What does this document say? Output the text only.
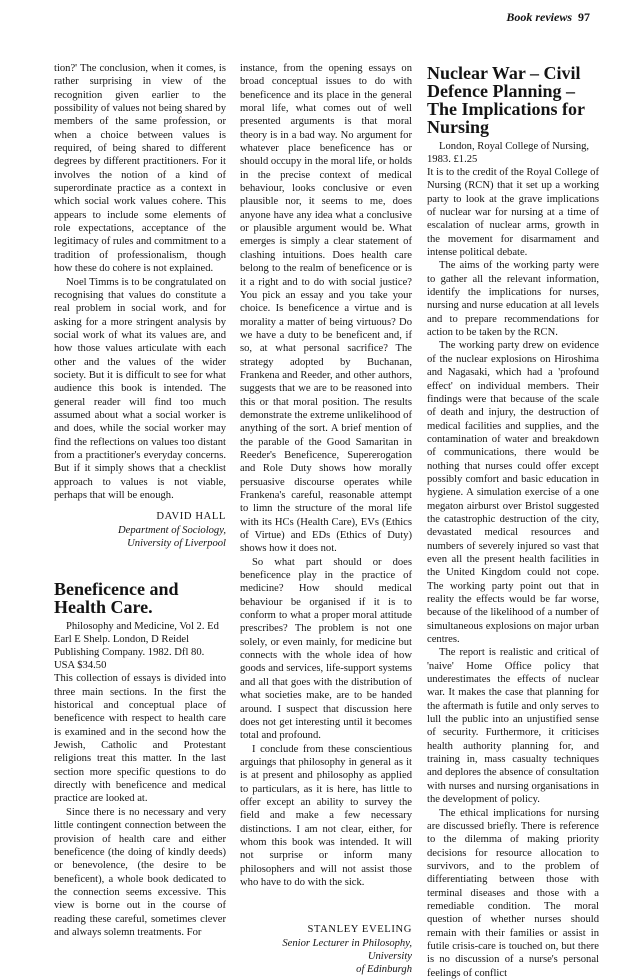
Book reviews 97

tion?' The conclusion, when it comes, is rather surprising in view of the recognition given earlier to the possibility of values not being shared by members of the same profession, or when a choice between values is required, of being shared to different degrees by different practitioners. For it involves the notion of a kind of superordinate practice as a context in which social work values cohere. This appears to include some elements of role expectations, acceptance of the legitimacy of rules and commitment to a tradition of professionalism, though how these do cohere is not explained.

Noel Timms is to be congratulated on recognising that values do constitute a real problem in social work, and for asking for a more stringent analysis by social work of what its values are, and how those values articulate with each other and the values of the wider society. But it is difficult to see for what audience this book is intended. The general reader will find too much assumed about what a social worker is and does, while the social worker may find the reflections on values too distant from a practitioner's everyday concerns. But if it simply shows that a checklist approach to values is not viable, perhaps that will be enough.

DAVID HALL
Department of Sociology,
University of Liverpool
Beneficence and Health Care.

Philosophy and Medicine, Vol 2. Ed Earl E Shelp. London, D Reidel Publishing Company. 1982. Dfl 80. USA $34.50

This collection of essays is divided into three main sections. In the first the historical and conceptual place of beneficence with respect to health care is examined and in the second how the Jewish, Catholic and Protestant religions treat this matter. In the last section more specific questions to do directly with beneficence and medical practice are looked at.

Since there is no necessary and very little contingent connection between the provision of health care and either beneficence (the doing of kindly deeds) or benevolence, (the desire to be beneficent), a whole book dedicated to the connection seems excessive. This view is borne out in the course of reading these careful, sometimes clever and always solemn treatments. For

instance, from the opening essays on broad conceptual issues to do with beneficence and its place in the general moral life, what comes out of well presented arguments is that moral theory is in a bad way. No argument for whatever place beneficence has or should occupy in the moral life, or holds in the precise context of medical behaviour, looks conclusive or even plausible nor, it seems to me, does anyone have any idea what a conclusive or plausible argument would be. What emerges is simply a clear statement of clashing intuitions. Does health care belong to the realm of beneficence or is it a right and to do with social justice? You pick an essay and you take your choice. Is beneficence a virtue and is morality a matter of being virtuous? Do we have a duty to be beneficent and, if so, at what personal sacrifice? The strategy adopted by Buchanan, Frankena and Reeder, and other authors, suggests that we are to be reasoned into this or that moral position. The results demonstrate the extreme unlikelihood of anything of the sort. A brief mention of the parable of the Good Samaritan in Reeder's Beneficence, Supererogation and Role Duty shows how morally persuasive discourse operates while Frankena's careful, reasonable attempt to limn the structure of the moral life with its HCs (Health Care), EVs (Ethics of Virtue) and EDs (Ethics of Duty) shows how it does not.

So what part should or does beneficence play in the practice of medicine? How should medical behaviour be organised if it is to conform to what a proper moral attitude prescribes? The problem is not one solely, or even mainly, for medicine but connects with the whole idea of how goods and services, life-support systems and all that goes with the distribution of what societies make, are to be handed around. I suspect that discussion here does not get interesting until it becomes total and profound.

I conclude from these conscientious arguings that philosophy in general as it is at present and philosophy as applied to particulars, as it is here, has little to offer except an ability to survey the field and make a few necessary distinctions. I am not clear, either, for whom this book was intended. It will not surprise or inform many philosophers and will not assist those who have to do with the sick.

STANLEY EVELING
Senior Lecturer in Philosophy, University
of Edinburgh
Nuclear War – Civil Defence Planning – The Implications for Nursing

London, Royal College of Nursing, 1983. £1.25

It is to the credit of the Royal College of Nursing (RCN) that it set up a working party to look at the grave implications of nuclear war for nursing at a time of escalation of nuclear arms, growth in the movement for disarmament and intense political debate.

The aims of the working party were to gather all the relevant information, identify the implications for nurses, nursing and nurse education at all levels and to prepare recommendations for action to be taken by the RCN.

The working party drew on evidence of the nuclear explosions on Hiroshima and Nagasaki, which had a 'profound effect' on individual members. Their findings were that because of the scale of death and injury, the destruction of medical facilities and supplies, and the contamination of water and breakdown of communications, there would be nothing that nurses could offer except possibly comfort and basic education in hygiene. A simulation exercise of a one megaton airburst over Bristol suggested the catastrophic destruction of the city, devastated medical resources and numbers of severely injured so vast that even all the present health facilities in the United Kingdom could not cope. The working party point out that in reality the effects would be far worse, because of the likelihood of a number of simultaneous explosions on major urban centres.

The report is realistic and critical of 'naive' Home Office policy that underestimates the effects of nuclear war. It makes the case that planning for the aftermath is futile and only serves to lull the public into an unjustified sense of security. Furthermore, it criticises health authority planning for, and training in, mass casualty techniques and deplores the absence of consultation with nurses and nursing organisations in the development of policy.

The ethical implications for nursing are discussed briefly. There is reference to the dilemma of making priority decisions for resource allocation to survivors, and to the problem of differentiating between those with terminal diseases and those with a remediable condition. The moral question of whether nurses should remain with their families or assist in futile crisis-care is touched on, but there is no discussion of a nurse's personal feelings of conflict
